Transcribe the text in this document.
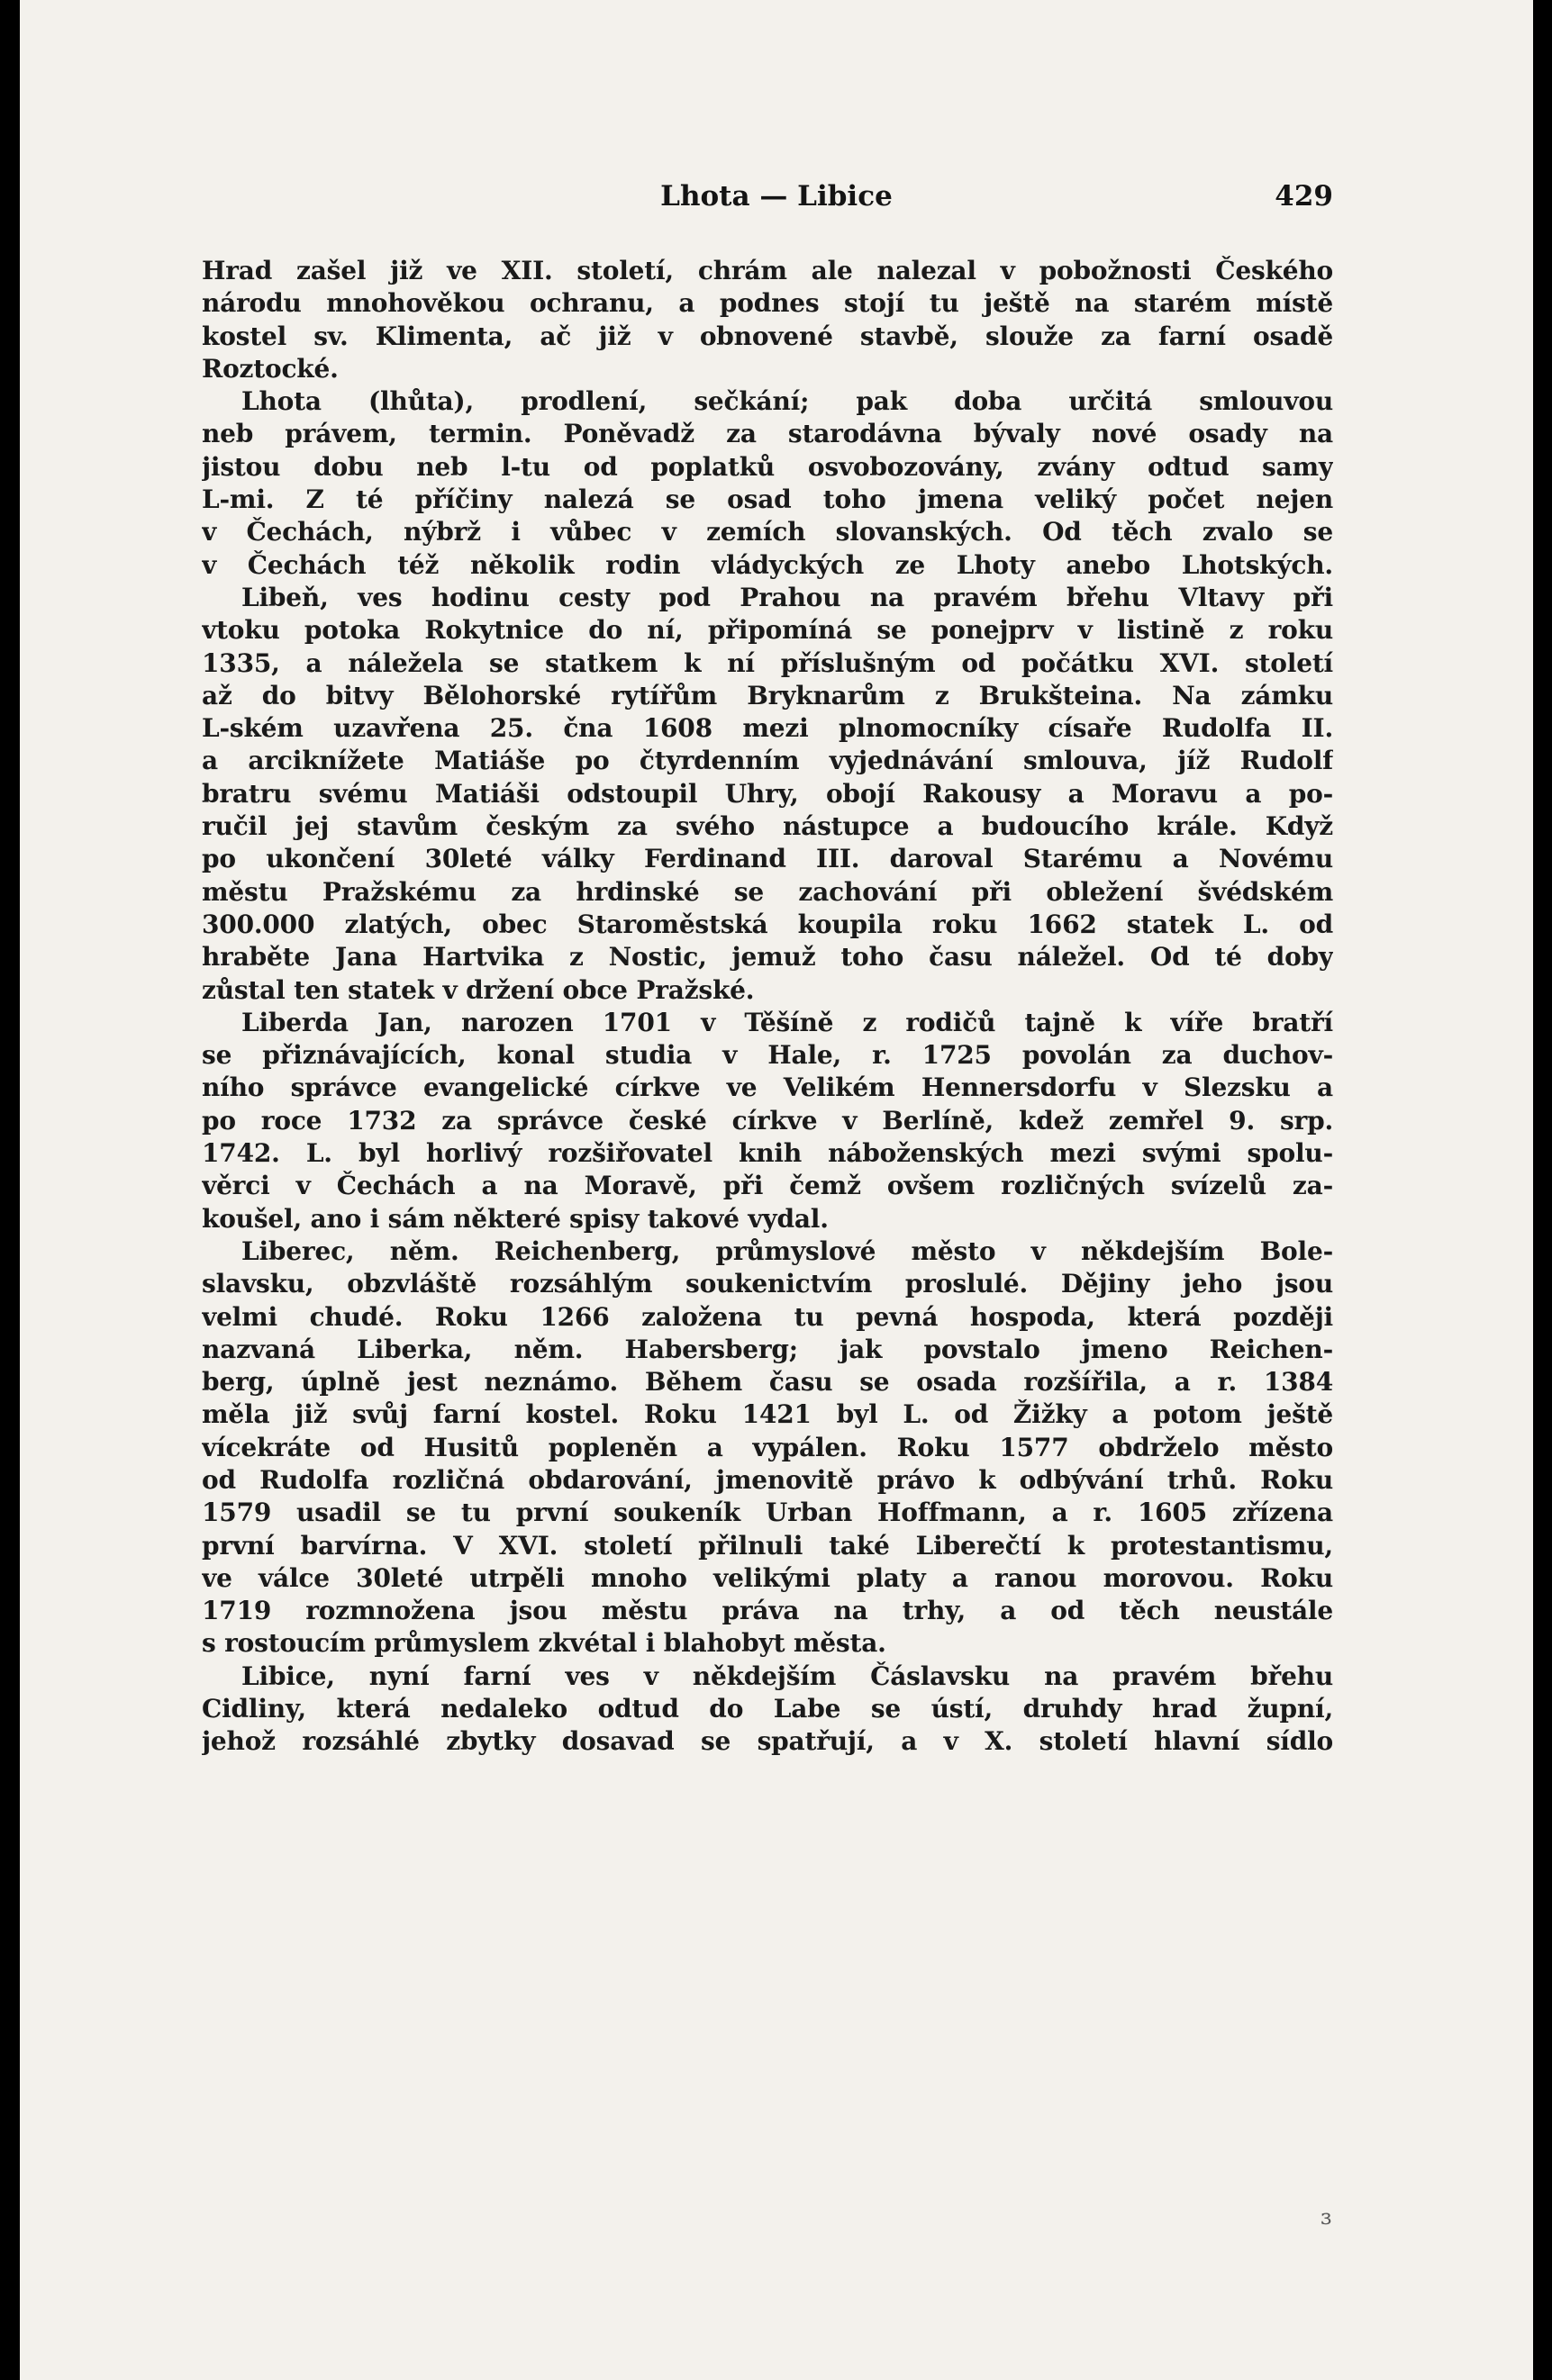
Lhota — Libice	429
Hrad zašel již ve XII. století, chrám ale nalezal v pobožnosti Českého
národu mnohověkou ochranu, a podnes stojí tu ještě na starém místě
kostel sv. Klimenta, ač již v obnovené stavbě, slouže za farní osadě
Roztocké.
Lhota (lhůta), prodlení, sečkání; pak doba určitá smlouvou
neb právem, termin. Poněvadž za starodávna bývaly nové osady na
jistou dobu neb l-tu od poplatků osvobozovány, zvány odtud samy
L-mi. Z té příčiny nalezá se osad toho jmena veliký počet nejen
v Čechách, nýbrž i vůbec v zemích slovanských. Od těch zvalo se
v Čechách též několik rodin vládyckých ze Lhoty anebo Lhotských.
Libeň, ves hodinu cesty pod Prahou na pravém břehu Vltavy při
vtoku potoka Rokytnice do ní, připomíná se ponejprv v listině z roku
1335, a náležela se statkem k ní příslušným od počátku XVI. století
až do bitvy Bělohorské rytířům Bryknarům z Brukšteina. Na zámku
L-ském uzavřena 25. čna 1608 mezi plnomocníky císaře Rudolfa II.
a arciknížete Matiáše po čtyrdenním vyjednávání smlouva, jíž Rudolf
bratru svému Matiáši odstoupil Uhry, obojí Rakousy a Moravu a po-
ručil jej stavům českým za svého nástupce a budoucího krále. Když
po ukončení 30leté války Ferdinand III. daroval Starému a Novému
městu Pražskému za hrdinské se zachování při obležení švédském
300.000 zlatých, obec Staroměstská koupila roku 1662 statek L. od
hraběte Jana Hartvika z Nostic, jemuž toho času náležel. Od té doby
zůstal ten statek v držení obce Pražské.
Liberda Jan, narozen 1701 v Těšíně z rodičů tajně k víře bratří
se přiznávajících, konal studia v Hale, r. 1725 povolán za duchov-
ního správce evangelické církve ve Velikém Hennersdorfu v Slezsku a
po roce 1732 za správce české církve v Berlíně, kdež zemřel 9. srp.
1742. L. byl horlivý rozšiřovatel knih náboženských mezi svými spolu-
věrci v Čechách a na Moravě, při čemž ovšem rozličných svízelů za-
koušel, ano i sám některé spisy takové vydal.
Liberec, něm. Reichenberg, průmyslové město v někdejším Bole-
slavsku, obzvláště rozsáhlým soukenictvím proslulé. Dějiny jeho jsou
velmi chudé. Roku 1266 založena tu pevná hospoda, která později
nazvaná Liberka, něm. Habersberg; jak povstalo jmeno Reichen-
berg, úplně jest neznámo. Během času se osada rozšířila, a r. 1384
měla již svůj farní kostel. Roku 1421 byl L. od Žižky a potom ještě
vícekráte od Husitů popleněn a vypálen. Roku 1577 obdrželo město
od Rudolfa rozličná obdarování, jmenovitě právo k odbývání trhů. Roku
1579 usadil se tu první soukeník Urban Hoffmann, a r. 1605 zřízena
první barvírna. V XVI. století přilnuli také Liberečtí k protestantismu,
ve válce 30leté utrpěli mnoho velikými platy a ranou morovou. Roku
1719 rozmnožena jsou městu práva na trhy, a od těch neustále
s rostoucím průmyslem zkvétal i blahobyt města.
Libice, nyní farní ves v někdejším Čáslavsku na pravém břehu
Cidliny, která nedaleko odtud do Labe se ústí, druhdy hrad župní,
jehož rozsáhlé zbytky dosavad se spatřují, a v X. století hlavní sídlo
ɜ
